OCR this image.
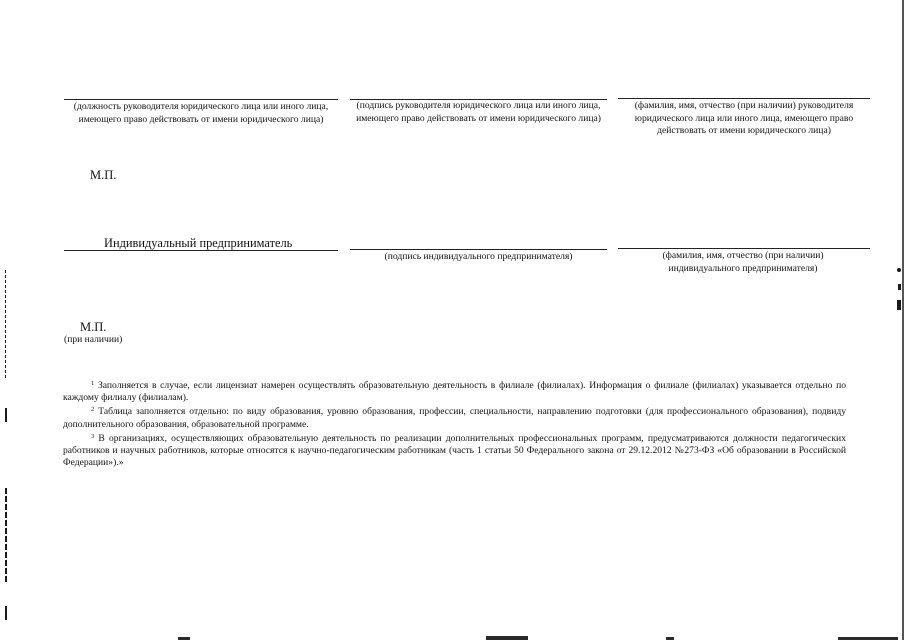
(должность руководителя юридического лица или иного лица, имеющего право действовать от имени юридического лица)
(подпись руководителя юридического лица или иного лица, имеющего право действовать от имени юридического лица)
(фамилия, имя, отчество (при наличии) руководителя юридического лица или иного лица, имеющего право действовать от имени юридического лица)
М.П.
Индивидуальный предприниматель
(подпись индивидуального предпринимателя)	(фамилия, имя, отчество (при наличии) индивидуального предпринимателя)
М.П.
(при наличии)

$^1$ Заполняется в случае, если лицензиат намерен осуществлять образовательную деятельность в филиале (филиалах). Информация о филиале (филиалах) указывается отдельно по каждому филиалу (филиалам).

$^2$ Таблица заполняется отдельно: по виду образования, уровню образования, профессии, специальности, направлению подготовки (для профессионального образования), подвиду дополнительного образования, образовательной программе.

$^3$ В организациях, осуществляющих образовательную деятельность по реализации дополнительных профессиональных программ, предусматриваются должности педагогических работников и научных работников, которые относятся к научно-педагогическим работникам (часть 1 статьи 50 Федерального закона от 29.12.2012 №273-ФЗ «Об образовании в Российской Федерации»).»
